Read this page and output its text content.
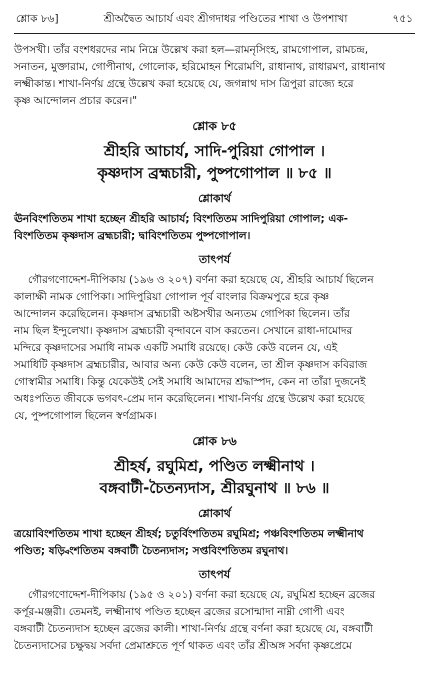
শ্লোক ৮৬]	শ্রীঅদ্বৈত আচার্য এবং শ্রীগদাধর পণ্ডিতের শাখা ও উপশাখা	৭৫১

উপসখী। তাঁর বংশধরদের নাম নিম্নে উল্লেখ করা হল—রামনৃসিংহ, রামগোপাল, রামচন্দ্র,

সনাতন, মুক্তারাম, গোপীনাথ, গোলোক, হরিমোহন শিরোমণি, রাধানাথ, রাধারমণ, রাধানাথ

লক্ষ্মীকান্ত। শাখা-নির্ণয় গ্রন্থে উল্লেখ করা হয়েছে যে, জগন্নাথ দাস ত্রিপুরা রাজ্যে হরে

কৃষ্ণ আন্দোলন প্রচার করেন।"

শ্লোক ৮৫

শ্রীহরি আচার্য, সাদি-পুরিয়া গোপাল ।

কৃষ্ণদাস ব্রহ্মচারী, পুষ্পগোপাল ॥ ৮৫ ॥

শ্লোকার্থ

ঊনবিংশতিতম শাখা হচ্ছেন শ্রীহরি আচার্য; বিংশতিতম সাদিপুরিয়া গোপাল; এক-

বিংশতিতম কৃষ্ণদাস ব্রহ্মচারী; দ্বাবিংশতিতম পুষ্পগোপাল।

তাৎপর্য

গৌরগণোদ্দেশ-দীপিকায় (১৯৬ ও ২০৭) বর্ণনা করা হয়েছে যে, শ্রীহরি আচার্য ছিলেন

কালাক্ষী নামক গোপিকা। সাদিপুরিয়া গোপাল পূর্ব বাংলার বিক্রমপুরে হরে কৃষ্ণ

আন্দোলন করেছিলেন। কৃষ্ণদাস ব্রহ্মচারী অষ্টসখীর অন্যতম গোপিকা ছিলেন। তাঁর

নাম ছিল ইন্দুলেখা। কৃষ্ণদাস ব্রহ্মচারী বৃন্দাবনে বাস করতেন। সেখানে রাধা-দামোদর

মন্দিরে কৃষ্ণদাসের সমাধি নামক একটি সমাধি রয়েছে। কেউ কেউ বলেন যে, এই

সমাধিটি কৃষ্ণদাস ব্রহ্মচারীর, আবার অন্য কেউ কেউ বলেন, তা শ্রীল কৃষ্ণদাস কবিরাজ

গোস্বামীর সমাধি। কিন্তু যেকেউই সেই সমাধি আমাদের শ্রদ্ধাস্পদ, কেন না তাঁরা দুজনেই

অধঃপতিত জীবকে ভগবৎ-প্রেম দান করেছিলেন। শাখা-নির্ণয় গ্রন্থে উল্লেখ করা হয়েছে

যে, পুষ্পগোপাল ছিলেন স্বর্ণগ্রামক।

শ্লোক ৮৬

শ্রীহর্ষ, রঘুমিশ্র, পণ্ডিত লক্ষ্মীনাথ ।

বঙ্গবাটী-চৈতন্যদাস, শ্রীরঘুনাথ ॥ ৮৬ ॥

শ্লোকার্থ

ত্রয়োবিংশতিতম শাখা হচ্ছেন শ্রীহর্ষ; চতুর্বিংশতিতম রঘুমিশ্র; পঞ্চবিংশতিতম লক্ষ্মীনাথ

পণ্ডিত; ষড়্বিংশতিতম বঙ্গবাটী চৈতন্যদাস; সপ্তবিংশতিতম রঘুনাথ।

তাৎপর্য

গৌরগণোদ্দেশ-দীপিকায় (১৯৫ ও ২০১) বর্ণনা করা হয়েছে যে, রঘুমিশ্র হচ্ছেন ব্রজের

কর্পূর-মঞ্জরী। তেমনই, লক্ষ্মীনাথ পণ্ডিত হচ্ছেন ব্রজের রসোন্মাদা নাম্নী গোপী এবং

বঙ্গবাটী চৈতন্যদাস হচ্ছেন ব্রজের কালী। শাখা-নির্ণয় গ্রন্থে বর্ণনা করা হয়েছে যে, বঙ্গবাটী

চৈতন্যদাসের চক্ষুদ্বয় সর্বদা প্রেমাশ্রুতে পূর্ণ থাকত এবং তাঁর শ্রীঅঙ্গ সর্বদা কৃষ্ণপ্রেমে
